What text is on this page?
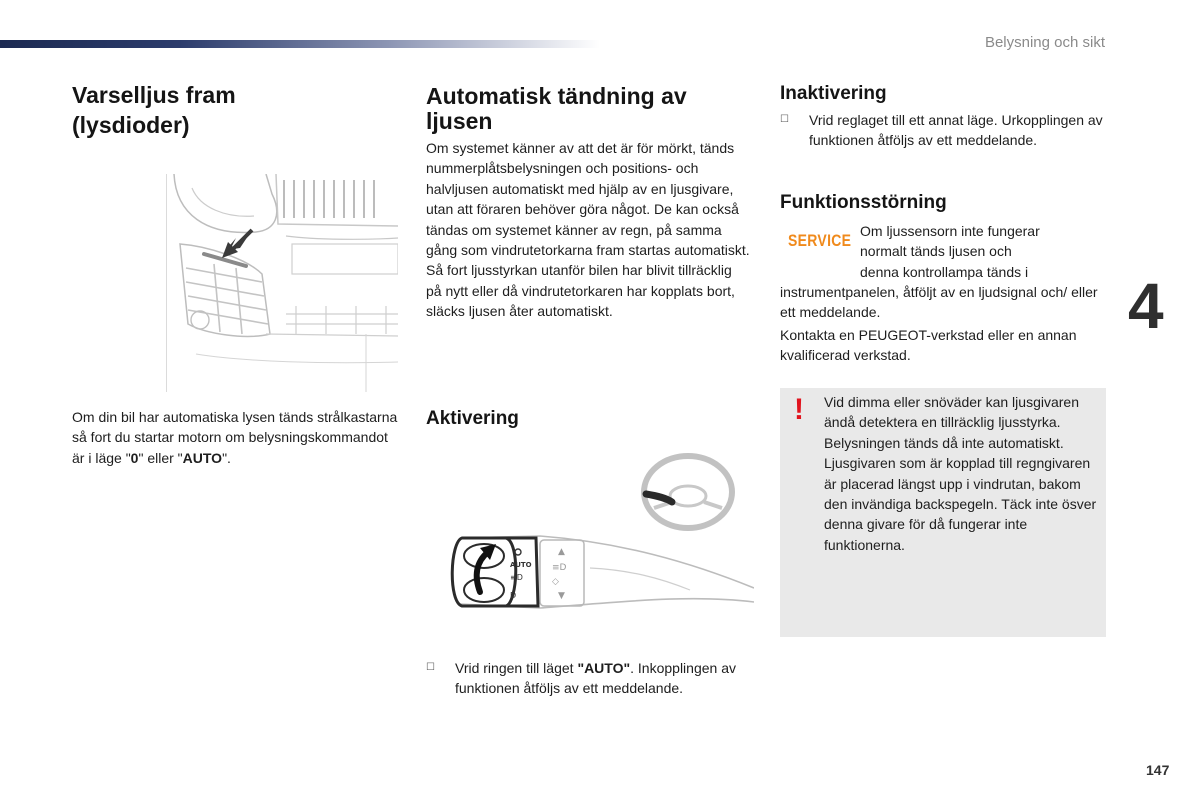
Belysning och sikt
Varselljus fram
(lysdioder)
Om din bil har automatiska lysen tänds strålkastarna så fort du startar motorn om belysningskommandot är i läge "0" eller "AUTO".
Automatisk tändning av ljusen
Om systemet känner av att det är för mörkt, tänds nummerplåtsbelysningen och positions- och halvljusen automatiskt med hjälp av en ljusgivare, utan att föraren behöver göra något. De kan också tändas om systemet känner av regn, på samma gång som vindrutetorkarna fram startas automatiskt.
Så fort ljusstyrkan utanför bilen har blivit tillräcklig på nytt eller då vindrutetorkaren har kopplats bort, släcks ljusen åter automatiskt.
Aktivering
▲
≡D
◇
▼
AUTO
≡D
D
☐	Vrid ringen till läget "AUTO". Inkopplingen av funktionen åtföljs av ett meddelande.
Inaktivering
☐	Vrid reglaget till ett annat läge. Urkopplingen av funktionen åtföljs av ett meddelande.
Funktionsstörning
SERVICE Om ljussensorn inte fungerar
normalt tänds ljusen och
denna kontrollampa tänds i
instrumentpanelen, åtföljt av en ljudsignal och/ eller ett meddelande.
Kontakta en PEUGEOT-verkstad eller en annan kvalificerad verkstad.
! Vid dimma eller snöväder kan ljusgivaren ändå detektera en tillräcklig ljusstyrka. Belysningen tänds då inte automatiskt.
Ljusgivaren som är kopplad till regngivaren är placerad längst upp i vindrutan, bakom den invändiga backspegeln. Täck inte ösver denna givare för då fungerar inte funktionerna.
4
147
